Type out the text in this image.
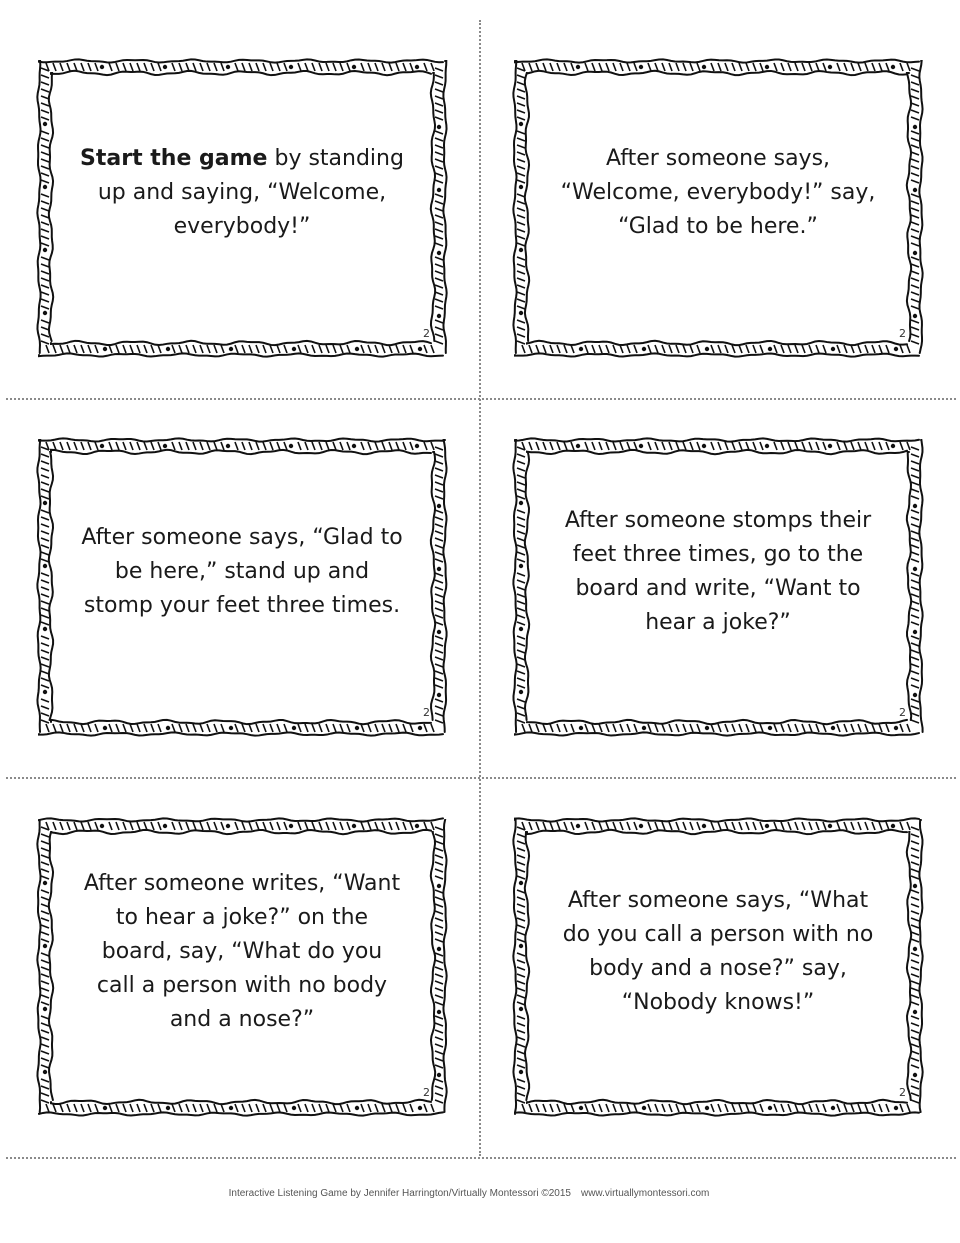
Start the game by standing up and saying, “Welcome, everybody!”
2
After someone says, “Welcome, everybody!” say, “Glad to be here.”
2
After someone says, “Glad to be here,” stand up and stomp your feet three times.
2
After someone stomps their feet three times, go to the board and write, “Want to hear a joke?”
2
After someone writes, “Want to hear a joke?” on the board, say, “What do you call a person with no body and a nose?”
2
After someone says, “What do you call a person with no body and a nose?” say, “Nobody knows!”
2
Interactive Listening Game by Jennifer Harrington/Virtually Montessori ©2015 www.virtuallymontessori.com
